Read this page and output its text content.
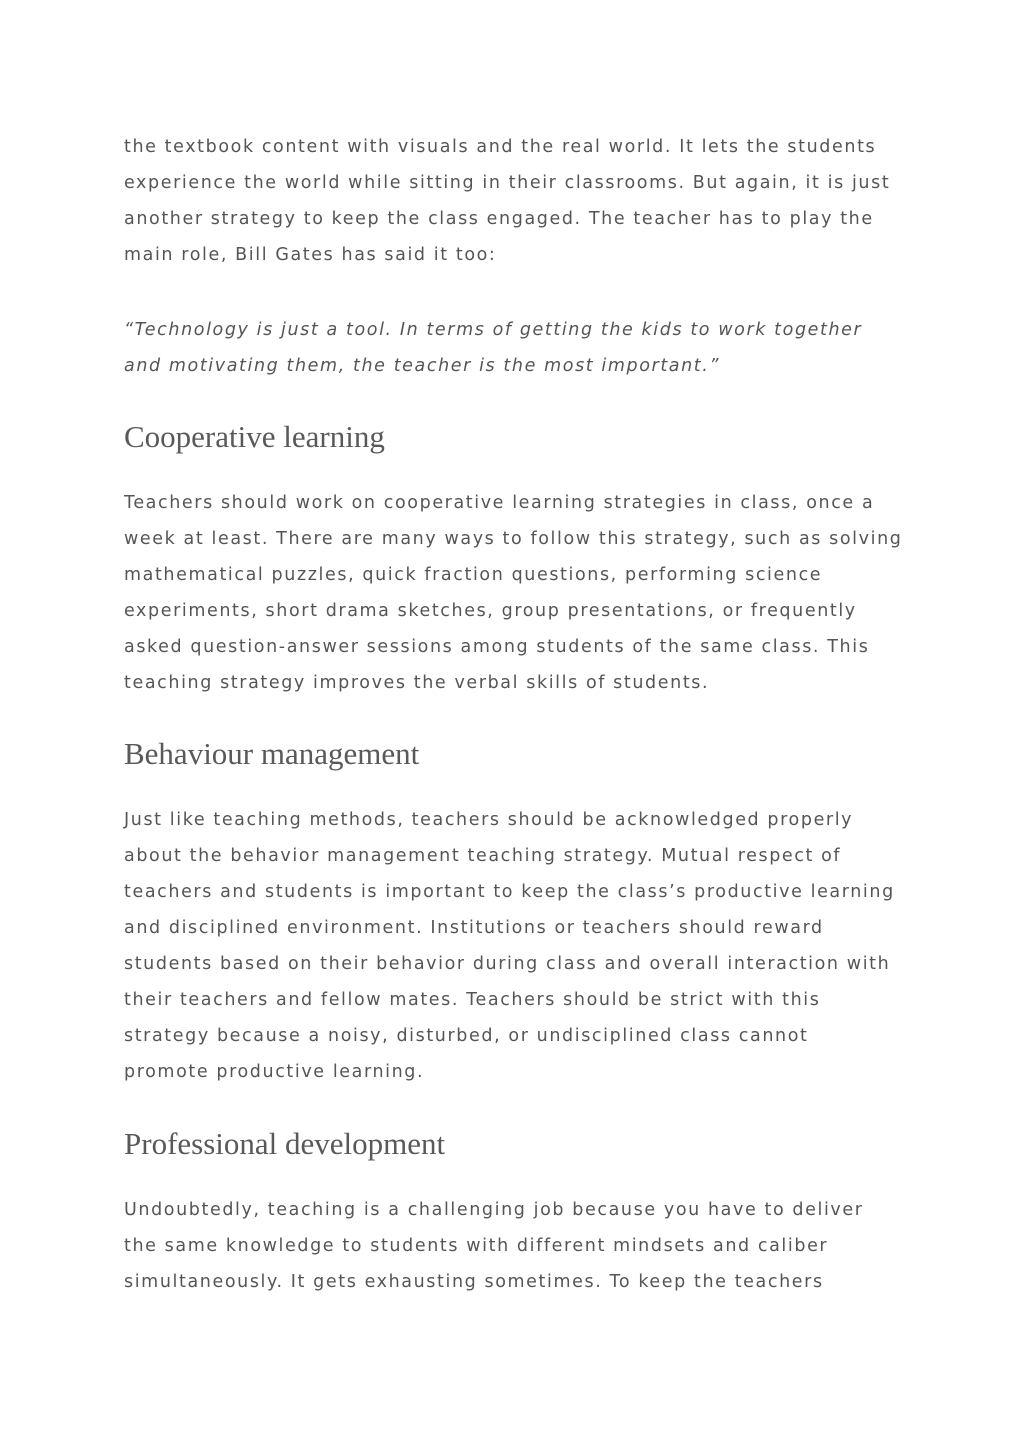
the textbook content with visuals and the real world. It lets the students
experience the world while sitting in their classrooms. But again, it is just
another strategy to keep the class engaged. The teacher has to play the
main role, Bill Gates has said it too:

“Technology is just a tool. In terms of getting the kids to work together
and motivating them, the teacher is the most important.”

Cooperative learning

Teachers should work on cooperative learning strategies in class, once a
week at least. There are many ways to follow this strategy, such as solving
mathematical puzzles, quick fraction questions, performing science
experiments, short drama sketches, group presentations, or frequently
asked question-answer sessions among students of the same class. This
teaching strategy improves the verbal skills of students.

Behaviour management

Just like teaching methods, teachers should be acknowledged properly
about the behavior management teaching strategy. Mutual respect of
teachers and students is important to keep the class’s productive learning
and disciplined environment. Institutions or teachers should reward
students based on their behavior during class and overall interaction with
their teachers and fellow mates. Teachers should be strict with this
strategy because a noisy, disturbed, or undisciplined class cannot
promote productive learning.

Professional development

Undoubtedly, teaching is a challenging job because you have to deliver
the same knowledge to students with different mindsets and caliber
simultaneously. It gets exhausting sometimes. To keep the teachers
